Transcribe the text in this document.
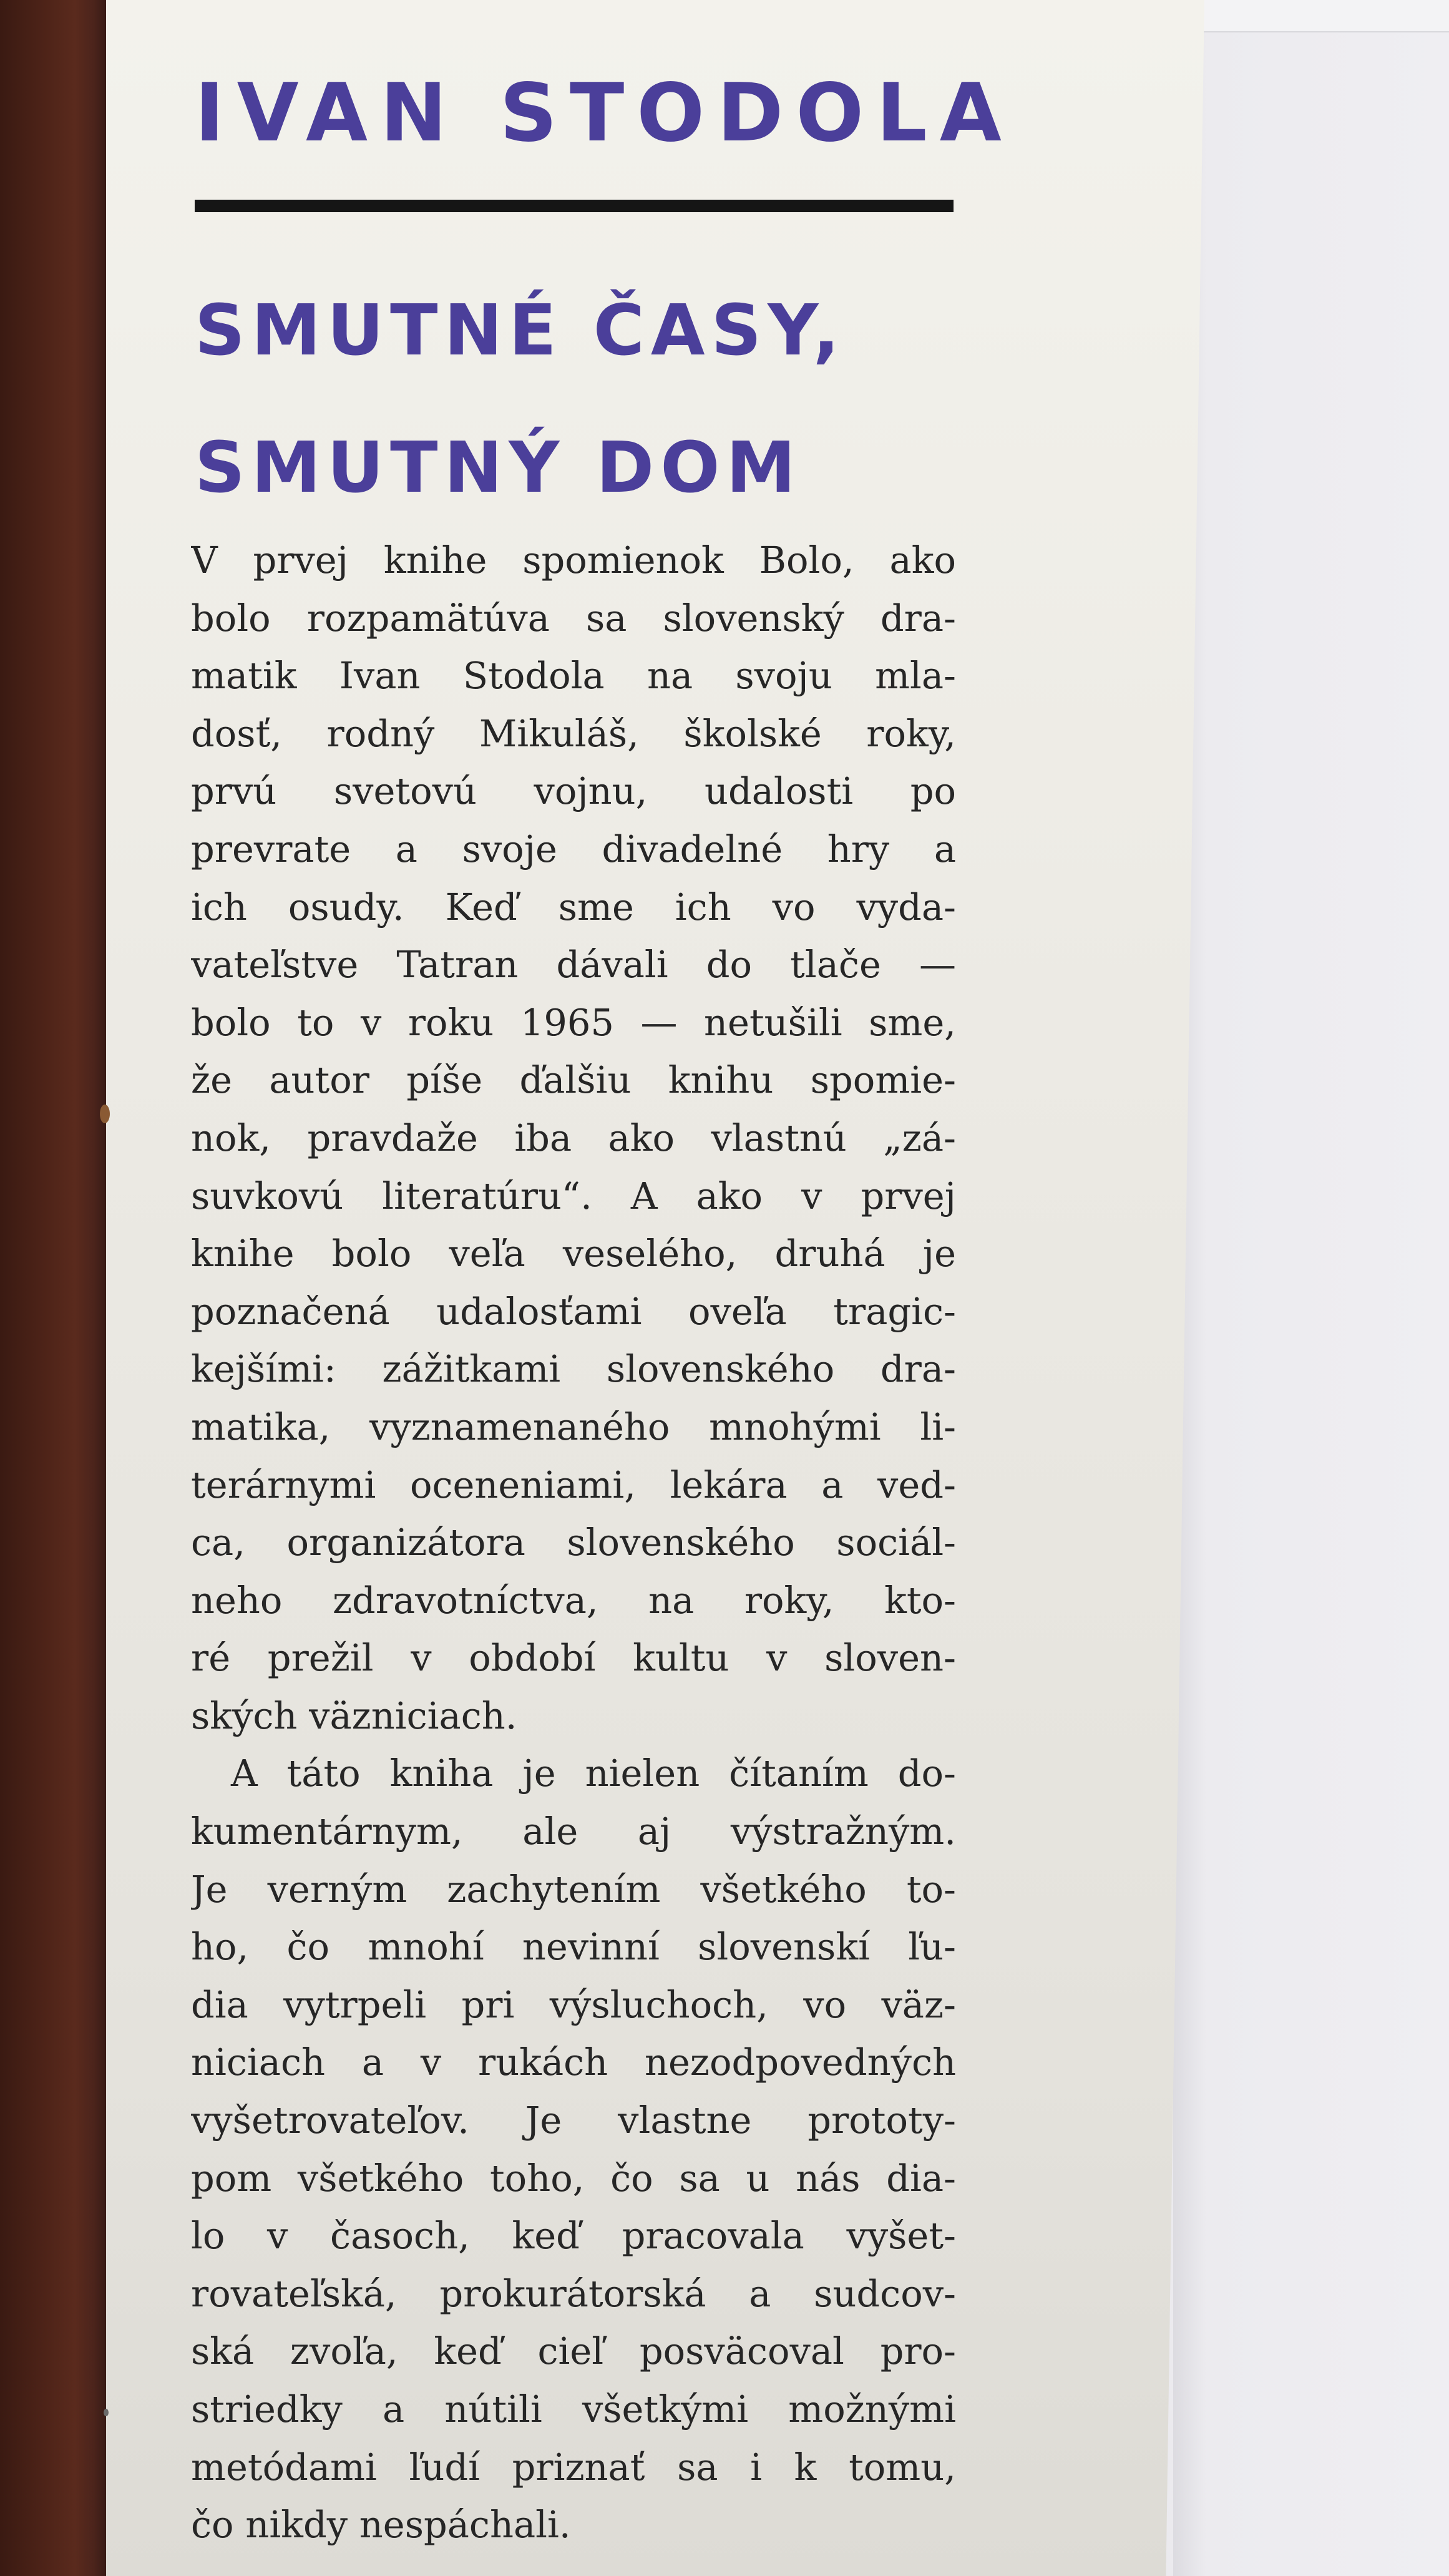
IVAN STODOLA
SMUTNÉ ČASY,
SMUTNÝ DOM
V prvej knihe spomienok Bolo, ako
bolo rozpamätúva sa slovenský dra-
matik Ivan Stodola na svoju mla-
dosť, rodný Mikuláš, školské roky,
prvú svetovú vojnu, udalosti po
prevrate a svoje divadelné hry a
ich osudy. Keď sme ich vo vyda-
vateľstve Tatran dávali do tlače —
bolo to v roku 1965 — netušili sme,
že autor píše ďalšiu knihu spomie-
nok, pravdaže iba ako vlastnú „zá-
suvkovú literatúru“. A ako v prvej
knihe bolo veľa veselého, druhá je
poznačená udalosťami oveľa tragic-
kejšími: zážitkami slovenského dra-
matika, vyznamenaného mnohými li-
terárnymi oceneniami, lekára a ved-
ca, organizátora slovenského sociál-
neho zdravotníctva, na roky, kto-
ré prežil v období kultu v sloven-
ských väzniciach.
A táto kniha je nielen čítaním do-
kumentárnym, ale aj výstražným.
Je verným zachytením všetkého to-
ho, čo mnohí nevinní slovenskí ľu-
dia vytrpeli pri výsluchoch, vo väz-
niciach a v rukách nezodpovedných
vyšetrovateľov. Je vlastne prototy-
pom všetkého toho, čo sa u nás dia-
lo v časoch, keď pracovala vyšet-
rovateľská, prokurátorská a sudcov-
ská zvoľa, keď cieľ posväcoval pro-
striedky a nútili všetkými možnými
metódami ľudí priznať sa i k tomu,
čo nikdy nespáchali.
